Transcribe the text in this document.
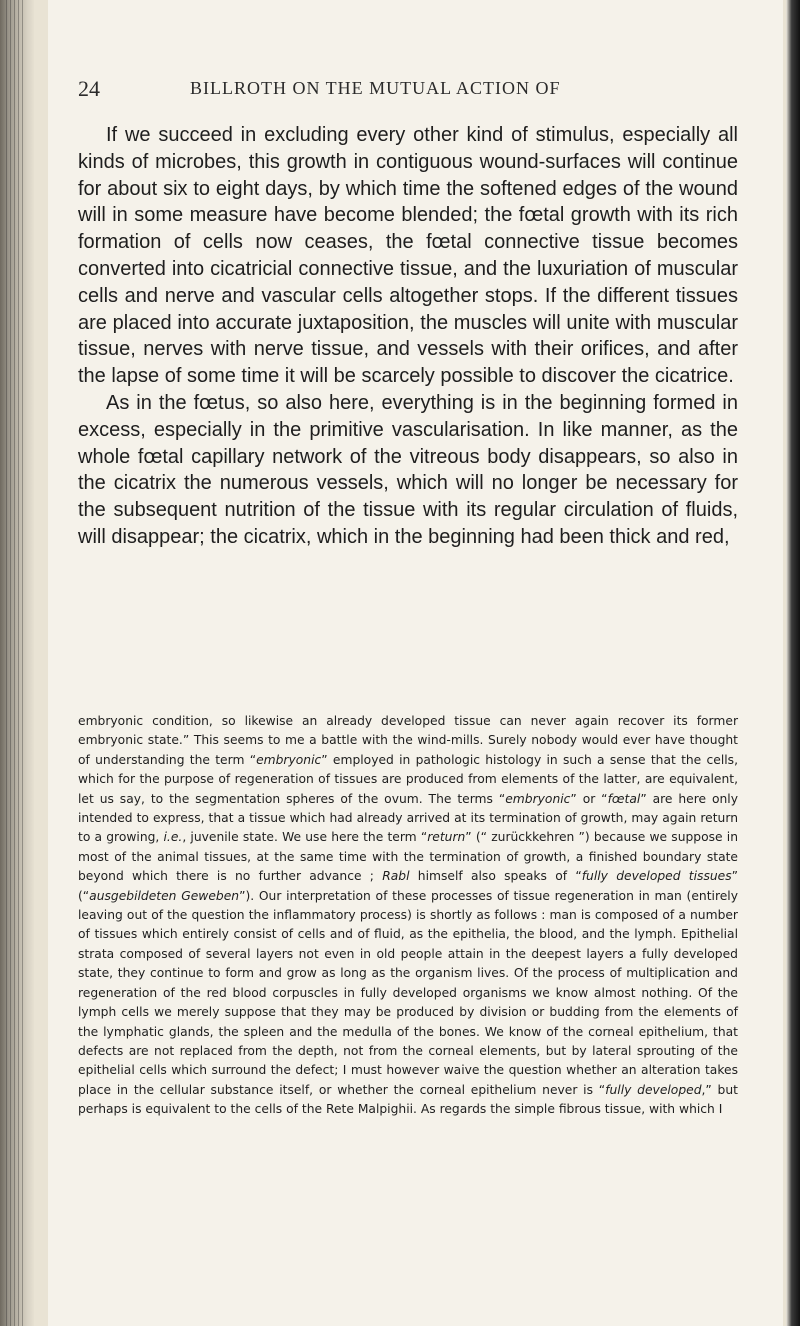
24	BILLROTH ON THE MUTUAL ACTION OF

If we succeed in excluding every other kind of stimulus, especially all kinds of microbes, this growth in contiguous wound-surfaces will continue for about six to eight days, by which time the softened edges of the wound will in some measure have become blended; the fœtal growth with its rich formation of cells now ceases, the fœtal connective tissue becomes converted into cicatricial connective tissue, and the luxuriation of muscular cells and nerve and vascular cells altogether stops. If the different tissues are placed into accurate juxtaposition, the muscles will unite with muscular tissue, nerves with nerve tissue, and vessels with their orifices, and after the lapse of some time it will be scarcely possible to discover the cicatrice.

As in the fœtus, so also here, everything is in the beginning formed in excess, especially in the primitive vascularisation. In like manner, as the whole fœtal capillary network of the vitreous body disappears, so also in the cicatrix the numerous vessels, which will no longer be necessary for the subsequent nutrition of the tissue with its regular circulation of fluids, will disappear; the cicatrix, which in the beginning had been thick and red,

embryonic condition, so likewise an already developed tissue can never again recover its former embryonic state.” This seems to me a battle with the wind-mills. Surely nobody would ever have thought of understanding the term “embryonic” employed in pathologic histology in such a sense that the cells, which for the purpose of regeneration of tissues are produced from elements of the latter, are equivalent, let us say, to the segmentation spheres of the ovum. The terms “embryonic” or “fœtal” are here only intended to express, that a tissue which had already arrived at its termination of growth, may again return to a growing, i.e., juvenile state. We use here the term “return” (“ zurückkehren ”) because we suppose in most of the animal tissues, at the same time with the termination of growth, a finished boundary state beyond which there is no further advance ; Rabl himself also speaks of “fully developed tissues” (“ausgebildeten Geweben”). Our interpretation of these processes of tissue regeneration in man (entirely leaving out of the question the inflammatory process) is shortly as follows : man is composed of a number of tissues which entirely consist of cells and of fluid, as the epithelia, the blood, and the lymph. Epithelial strata composed of several layers not even in old people attain in the deepest layers a fully developed state, they continue to form and grow as long as the organism lives. Of the process of multiplication and regeneration of the red blood corpuscles in fully developed organisms we know almost nothing. Of the lymph cells we merely suppose that they may be produced by division or budding from the elements of the lymphatic glands, the spleen and the medulla of the bones. We know of the corneal epithelium, that defects are not replaced from the depth, not from the corneal elements, but by lateral sprouting of the epithelial cells which surround the defect; I must however waive the question whether an alteration takes place in the cellular substance itself, or whether the corneal epithelium never is “fully developed,” but perhaps is equivalent to the cells of the Rete Malpighii. As regards the simple fibrous tissue, with which I
